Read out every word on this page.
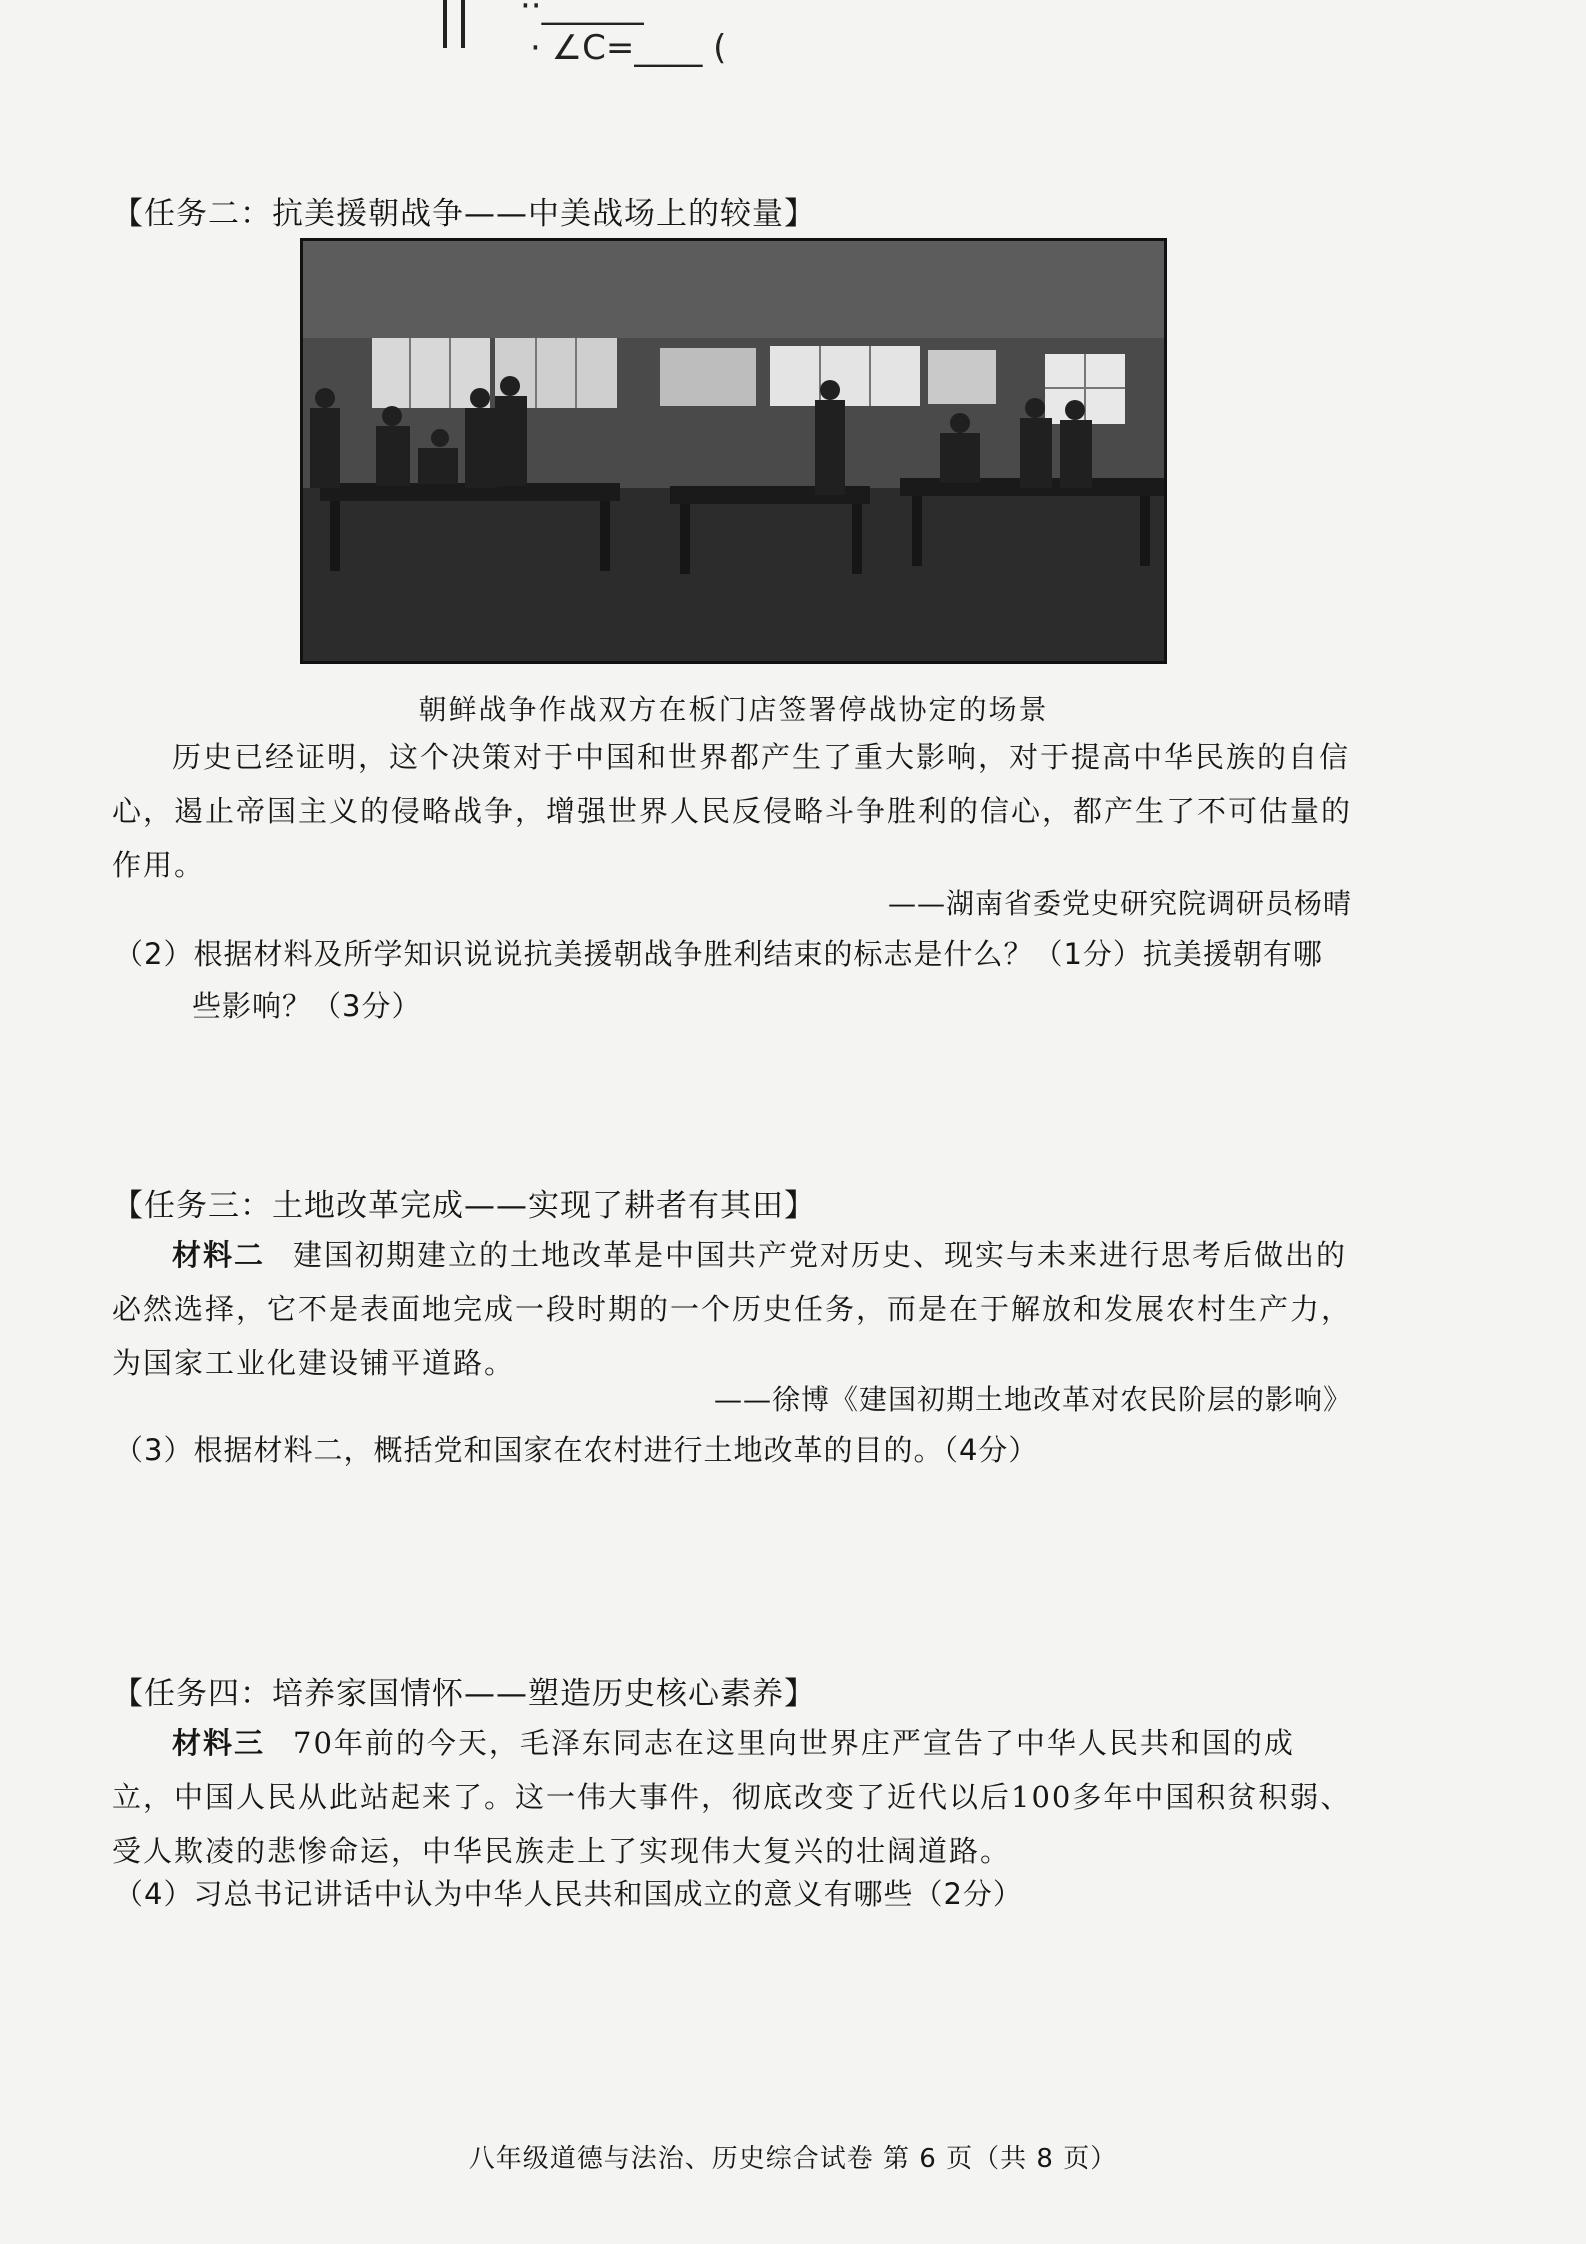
··______
· ∠C=____ (
【任务二：抗美援朝战争——中美战场上的较量】
朝鲜战争作战双方在板门店签署停战协定的场景
历史已经证明，这个决策对于中国和世界都产生了重大影响，对于提高中华民族的自信心，遏止帝国主义的侵略战争，增强世界人民反侵略斗争胜利的信心，都产生了不可估量的作用。
——湖南省委党史研究院调研员杨晴
（2）根据材料及所学知识说说抗美援朝战争胜利结束的标志是什么？（1分）抗美援朝有哪
些影响？（3分）
【任务三：土地改革完成——实现了耕者有其田】
材料二 建国初期建立的土地改革是中国共产党对历史、现实与未来进行思考后做出的必然选择，它不是表面地完成一段时期的一个历史任务，而是在于解放和发展农村生产力，为国家工业化建设铺平道路。
——徐博《建国初期土地改革对农民阶层的影响》
（3）根据材料二，概括党和国家在农村进行土地改革的目的。（4分）
【任务四：培养家国情怀——塑造历史核心素养】
材料三 70年前的今天，毛泽东同志在这里向世界庄严宣告了中华人民共和国的成立，中国人民从此站起来了。这一伟大事件，彻底改变了近代以后100多年中国积贫积弱、受人欺凌的悲惨命运，中华民族走上了实现伟大复兴的壮阔道路。
（4）习总书记讲话中认为中华人民共和国成立的意义有哪些（2分）
八年级道德与法治、历史综合试卷 第 6 页（共 8 页）
